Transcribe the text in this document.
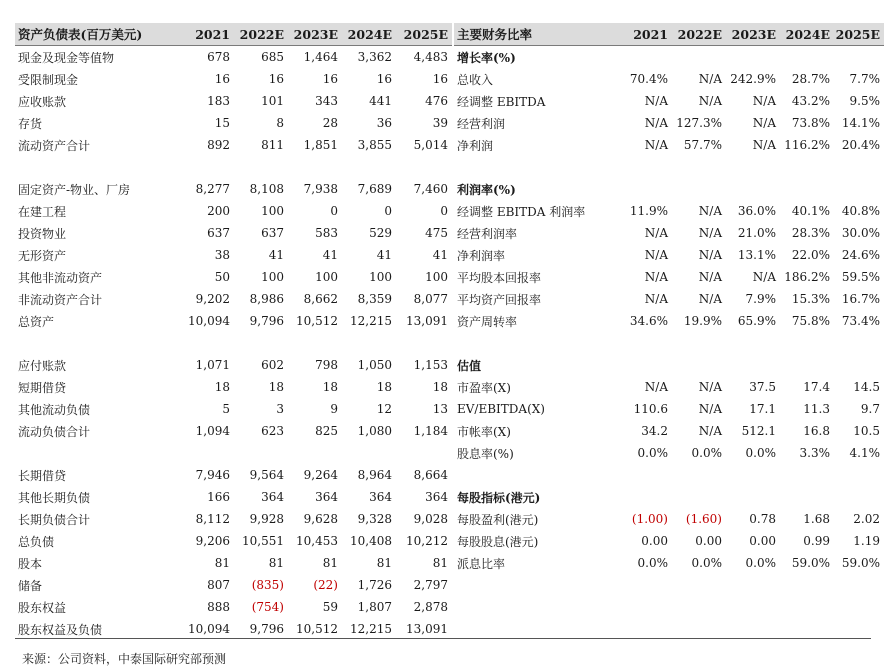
资产负债表(百万美元)	2021	2022E	2023E	2024E	2025E
现金及现金等值物	678	685	1,464	3,362	4,483
受限制现金	16	16	16	16	16
应收账款	183	101	343	441	476
存货	15	8	28	36	39
流动资产合计	892	811	1,851	3,855	5,014

固定资产-物业、厂房	8,277	8,108	7,938	7,689	7,460
在建工程	200	100	0	0	0
投资物业	637	637	583	529	475
无形资产	38	41	41	41	41
其他非流动资产	50	100	100	100	100
非流动资产合计	9,202	8,986	8,662	8,359	8,077
总资产	10,094	9,796	10,512	12,215	13,091

应付账款	1,071	602	798	1,050	1,153
短期借贷	18	18	18	18	18
其他流动负债	5	3	9	12	13
流动负债合计	1,094	623	825	1,080	1,184

长期借贷	7,946	9,564	9,264	8,964	8,664
其他长期负债	166	364	364	364	364
长期负债合计	8,112	9,928	9,628	9,328	9,028
总负债	9,206	10,551	10,453	10,408	10,212
股本	81	81	81	81	81
储备	807	(835)	(22)	1,726	2,797
股东权益	888	(754)	59	1,807	2,878
股东权益及负债	10,094	9,796	10,512	12,215	13,091
主要财务比率	2021	2022E	2023E	2024E	2025E
增长率(%)					
总收入	70.4%	N/A	242.9%	28.7%	7.7%
经调整 EBITDA	N/A	N/A	N/A	43.2%	9.5%
经营利润	N/A	127.3%	N/A	73.8%	14.1%
净利润	N/A	57.7%	N/A	116.2%	20.4%

利润率(%)					
经调整 EBITDA 利润率	11.9%	N/A	36.0%	40.1%	40.8%
经营利润率	N/A	N/A	21.0%	28.3%	30.0%
净利润率	N/A	N/A	13.1%	22.0%	24.6%
平均股本回报率	N/A	N/A	N/A	186.2%	59.5%
平均资产回报率	N/A	N/A	7.9%	15.3%	16.7%
资产周转率	34.6%	19.9%	65.9%	75.8%	73.4%

估值					
市盈率(X)	N/A	N/A	37.5	17.4	14.5
EV/EBITDA(X)	110.6	N/A	17.1	11.3	9.7
市帐率(X)	34.2	N/A	512.1	16.8	10.5
股息率(%)	0.0%	0.0%	0.0%	3.3%	4.1%

每股指标(港元)					
每股盈利(港元)	(1.00)	(1.60)	0.78	1.68	2.02
每股股息(港元)	0.00	0.00	0.00	0.99	1.19
派息比率	0.0%	0.0%	0.0%	59.0%	59.0%
来源：公司资料，中泰国际研究部预测
